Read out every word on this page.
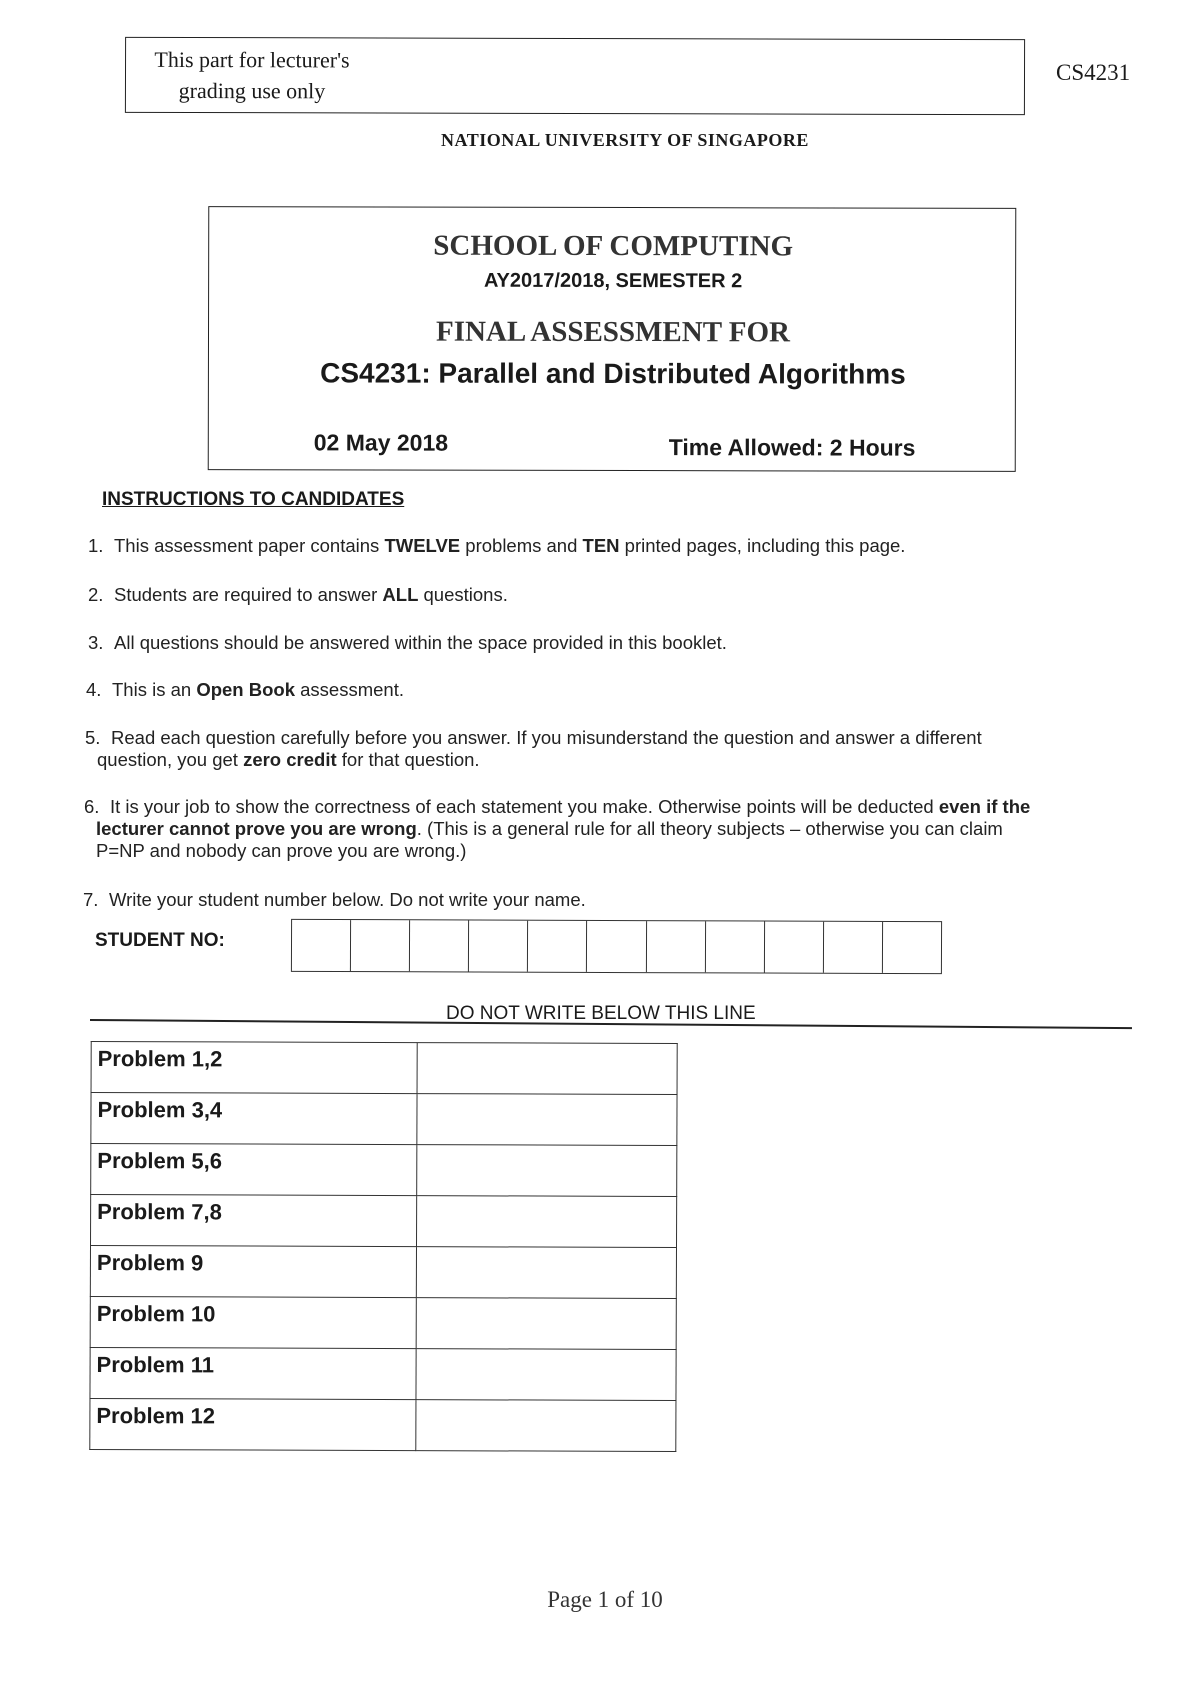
This part for lecturer's
grading use only
CS4231
NATIONAL UNIVERSITY OF SINGAPORE
SCHOOL OF COMPUTING
AY2017/2018, SEMESTER 2
FINAL ASSESSMENT FOR
CS4231: Parallel and Distributed Algorithms
02 May 2018	Time Allowed: 2 Hours
INSTRUCTIONS TO CANDIDATES
1. This assessment paper contains TWELVE problems and TEN printed pages, including this page.
2. Students are required to answer ALL questions.
3. All questions should be answered within the space provided in this booklet.
4. This is an Open Book assessment.
5. Read each question carefully before you answer. If you misunderstand the question and answer a different
question, you get zero credit for that question.
6. It is your job to show the correctness of each statement you make. Otherwise points will be deducted even if the
lecturer cannot prove you are wrong. (This is a general rule for all theory subjects – otherwise you can claim
P=NP and nobody can prove you are wrong.)
7. Write your student number below. Do not write your name.
STUDENT NO:
DO NOT WRITE BELOW THIS LINE
Problem 1,2	
Problem 3,4	
Problem 5,6	
Problem 7,8	
Problem 9	
Problem 10	
Problem 11	
Problem 12	
Page 1 of 10
